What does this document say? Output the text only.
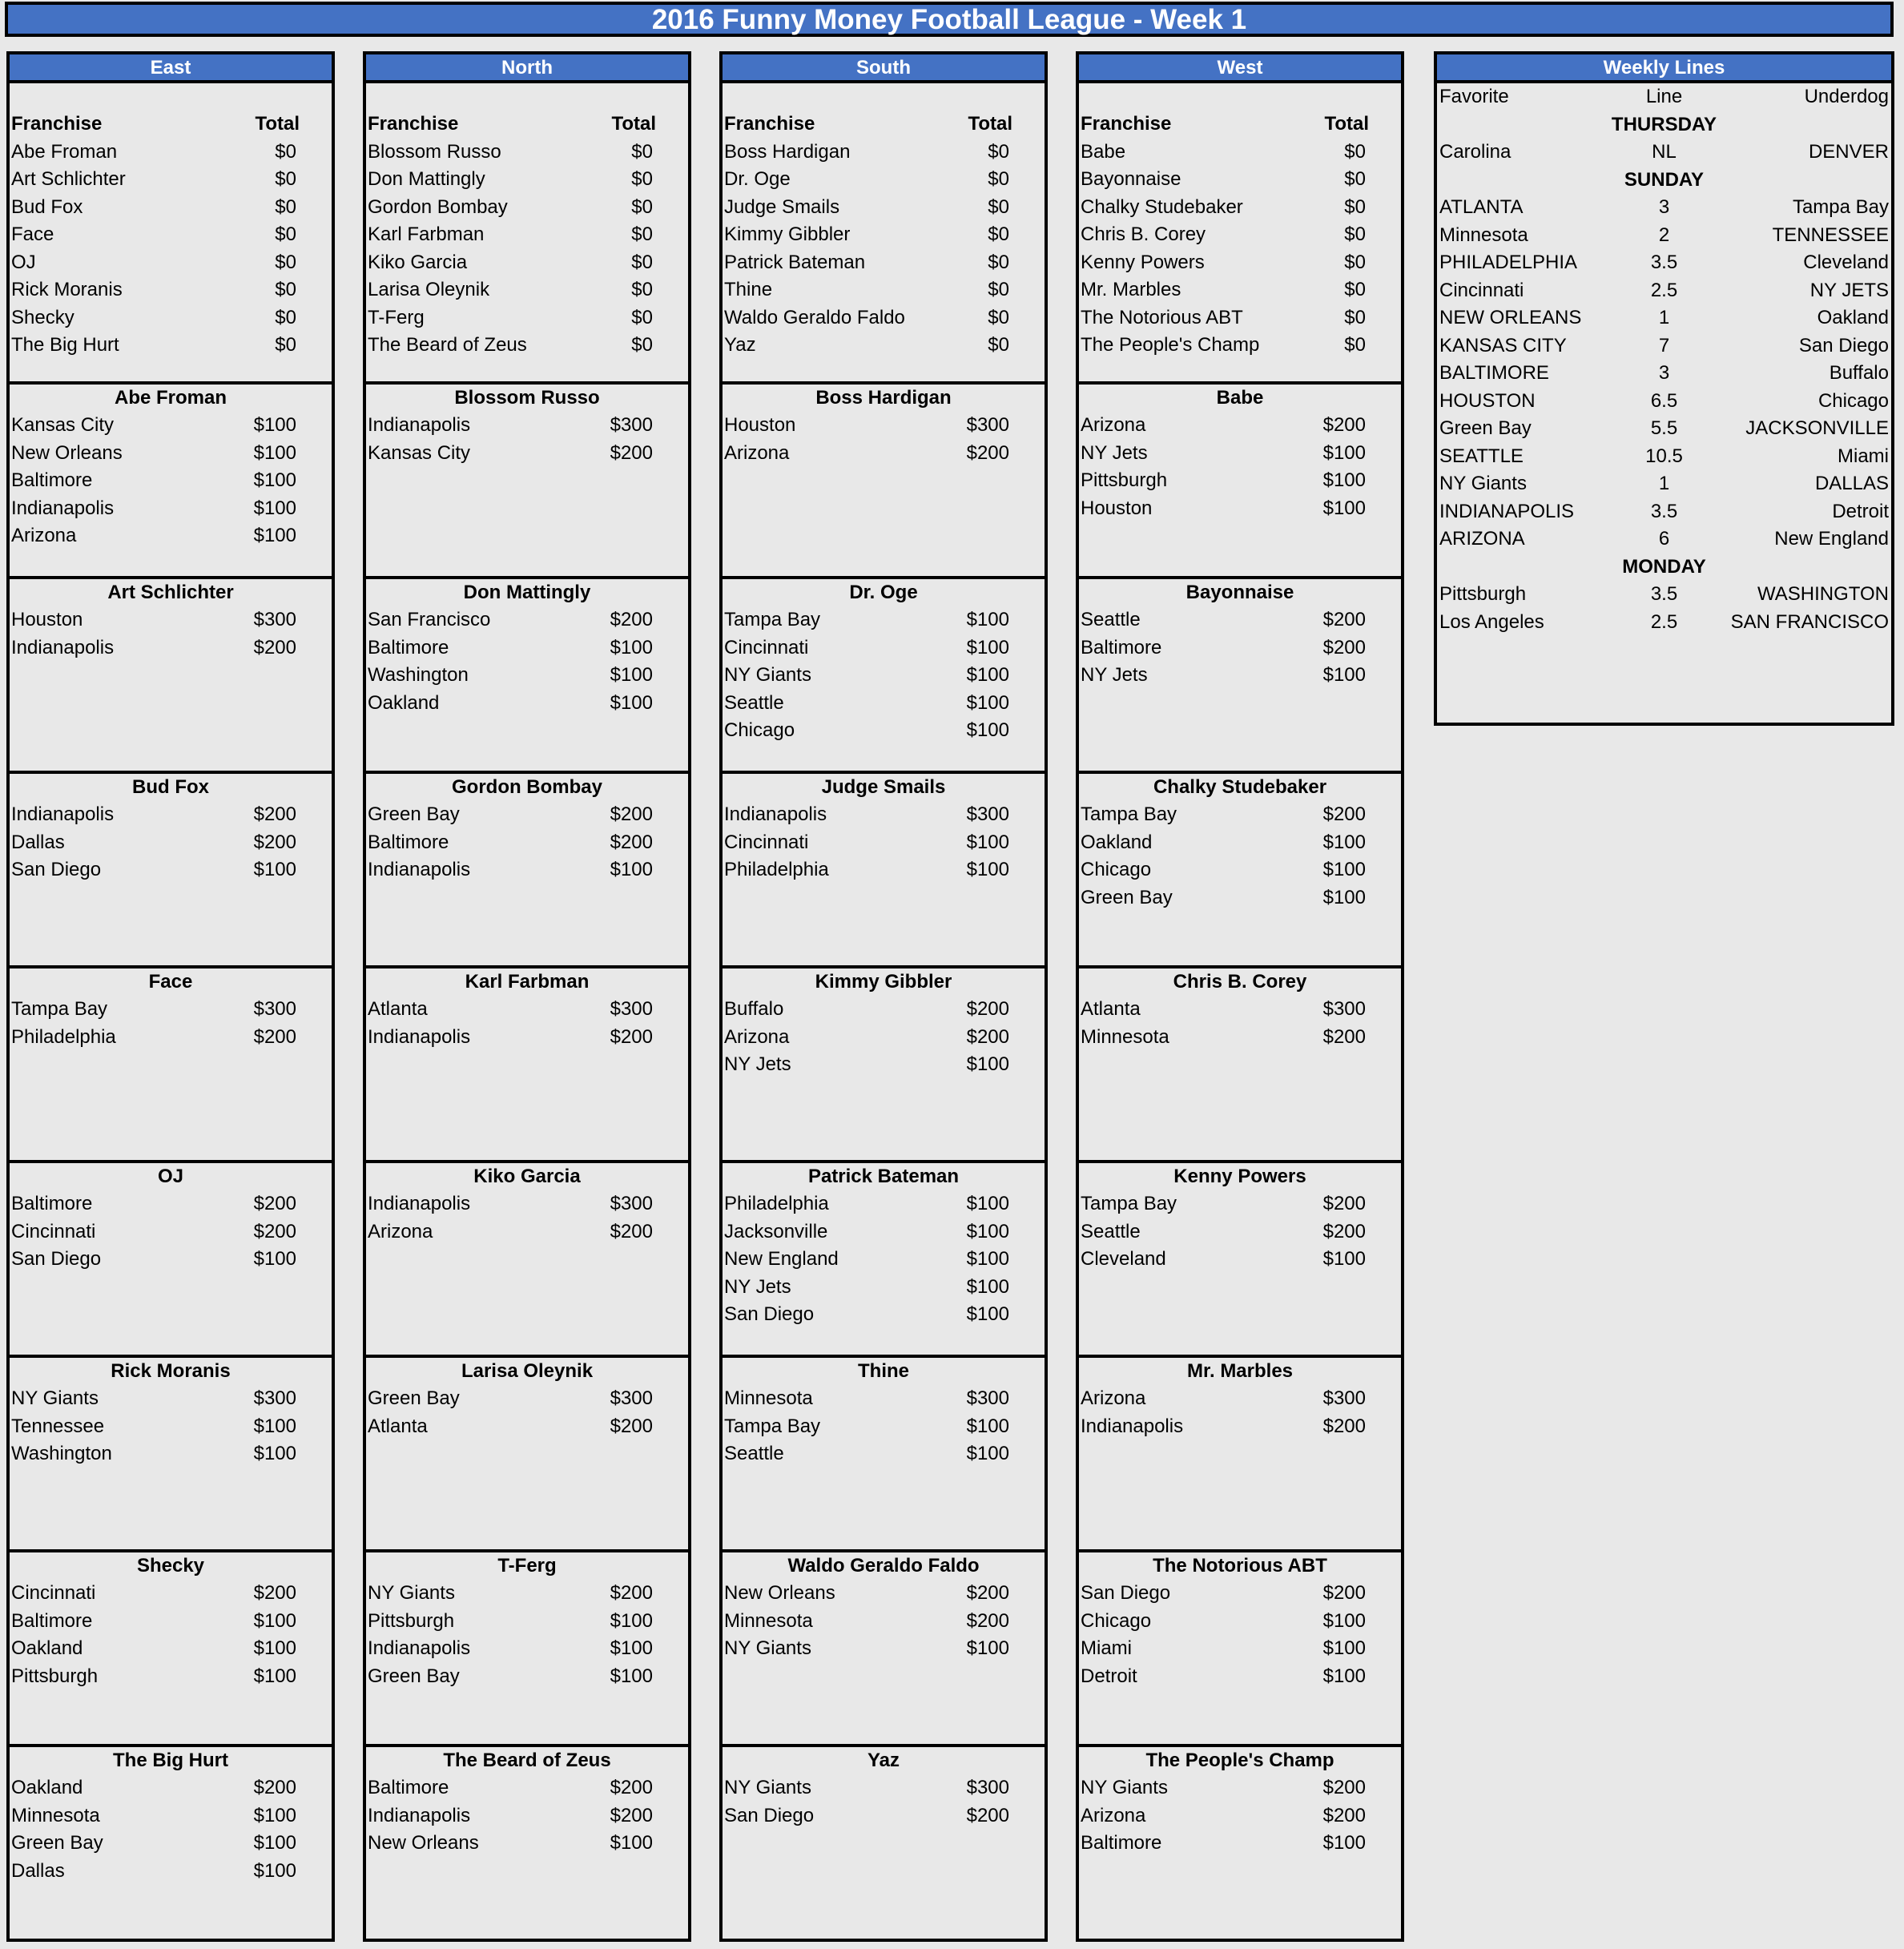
2016 Funny Money Football League - Week 1
East
Franchise	Total
Abe Froman	$0
Art Schlichter	$0
Bud Fox	$0
Face	$0
OJ	$0
Rick Moranis	$0
Shecky	$0
The Big Hurt	$0
Abe Froman
Kansas City	$100
New Orleans	$100
Baltimore	$100
Indianapolis	$100
Arizona	$100
Art Schlichter
Houston	$300
Indianapolis	$200
Bud Fox
Indianapolis	$200
Dallas	$200
San Diego	$100
Face
Tampa Bay	$300
Philadelphia	$200
OJ
Baltimore	$200
Cincinnati	$200
San Diego	$100
Rick Moranis
NY Giants	$300
Tennessee	$100
Washington	$100
Shecky
Cincinnati	$200
Baltimore	$100
Oakland	$100
Pittsburgh	$100
The Big Hurt
Oakland	$200
Minnesota	$100
Green Bay	$100
Dallas	$100
North
Franchise	Total
Blossom Russo	$0
Don Mattingly	$0
Gordon Bombay	$0
Karl Farbman	$0
Kiko Garcia	$0
Larisa Oleynik	$0
T-Ferg	$0
The Beard of Zeus	$0
Blossom Russo
Indianapolis	$300
Kansas City	$200
Don Mattingly
San Francisco	$200
Baltimore	$100
Washington	$100
Oakland	$100
Gordon Bombay
Green Bay	$200
Baltimore	$200
Indianapolis	$100
Karl Farbman
Atlanta	$300
Indianapolis	$200
Kiko Garcia
Indianapolis	$300
Arizona	$200
Larisa Oleynik
Green Bay	$300
Atlanta	$200
T-Ferg
NY Giants	$200
Pittsburgh	$100
Indianapolis	$100
Green Bay	$100
The Beard of Zeus
Baltimore	$200
Indianapolis	$200
New Orleans	$100
South
Franchise	Total
Boss Hardigan	$0
Dr. Oge	$0
Judge Smails	$0
Kimmy Gibbler	$0
Patrick Bateman	$0
Thine	$0
Waldo Geraldo Faldo	$0
Yaz	$0
Boss Hardigan
Houston	$300
Arizona	$200
Dr. Oge
Tampa Bay	$100
Cincinnati	$100
NY Giants	$100
Seattle	$100
Chicago	$100
Judge Smails
Indianapolis	$300
Cincinnati	$100
Philadelphia	$100
Kimmy Gibbler
Buffalo	$200
Arizona	$200
NY Jets	$100
Patrick Bateman
Philadelphia	$100
Jacksonville	$100
New England	$100
NY Jets	$100
San Diego	$100
Thine
Minnesota	$300
Tampa Bay	$100
Seattle	$100
Waldo Geraldo Faldo
New Orleans	$200
Minnesota	$200
NY Giants	$100
Yaz
NY Giants	$300
San Diego	$200
West
Franchise	Total
Babe	$0
Bayonnaise	$0
Chalky Studebaker	$0
Chris B. Corey	$0
Kenny Powers	$0
Mr. Marbles	$0
The Notorious ABT	$0
The People's Champ	$0
Babe
Arizona	$200
NY Jets	$100
Pittsburgh	$100
Houston	$100
Bayonnaise
Seattle	$200
Baltimore	$200
NY Jets	$100
Chalky Studebaker
Tampa Bay	$200
Oakland	$100
Chicago	$100
Green Bay	$100
Chris B. Corey
Atlanta	$300
Minnesota	$200
Kenny Powers
Tampa Bay	$200
Seattle	$200
Cleveland	$100
Mr. Marbles
Arizona	$300
Indianapolis	$200
The Notorious ABT
San Diego	$200
Chicago	$100
Miami	$100
Detroit	$100
The People's Champ
NY Giants	$200
Arizona	$200
Baltimore	$100
Weekly Lines
Favorite	Line	Underdog
THURSDAY
Carolina	NL	DENVER
SUNDAY
ATLANTA	3	Tampa Bay
Minnesota	2	TENNESSEE
PHILADELPHIA	3.5	Cleveland
Cincinnati	2.5	NY JETS
NEW ORLEANS	1	Oakland
KANSAS CITY	7	San Diego
BALTIMORE	3	Buffalo
HOUSTON	6.5	Chicago
Green Bay	5.5	JACKSONVILLE
SEATTLE	10.5	Miami
NY Giants	1	DALLAS
INDIANAPOLIS	3.5	Detroit
ARIZONA	6	New England
MONDAY
Pittsburgh	3.5	WASHINGTON
Los Angeles	2.5	SAN FRANCISCO
